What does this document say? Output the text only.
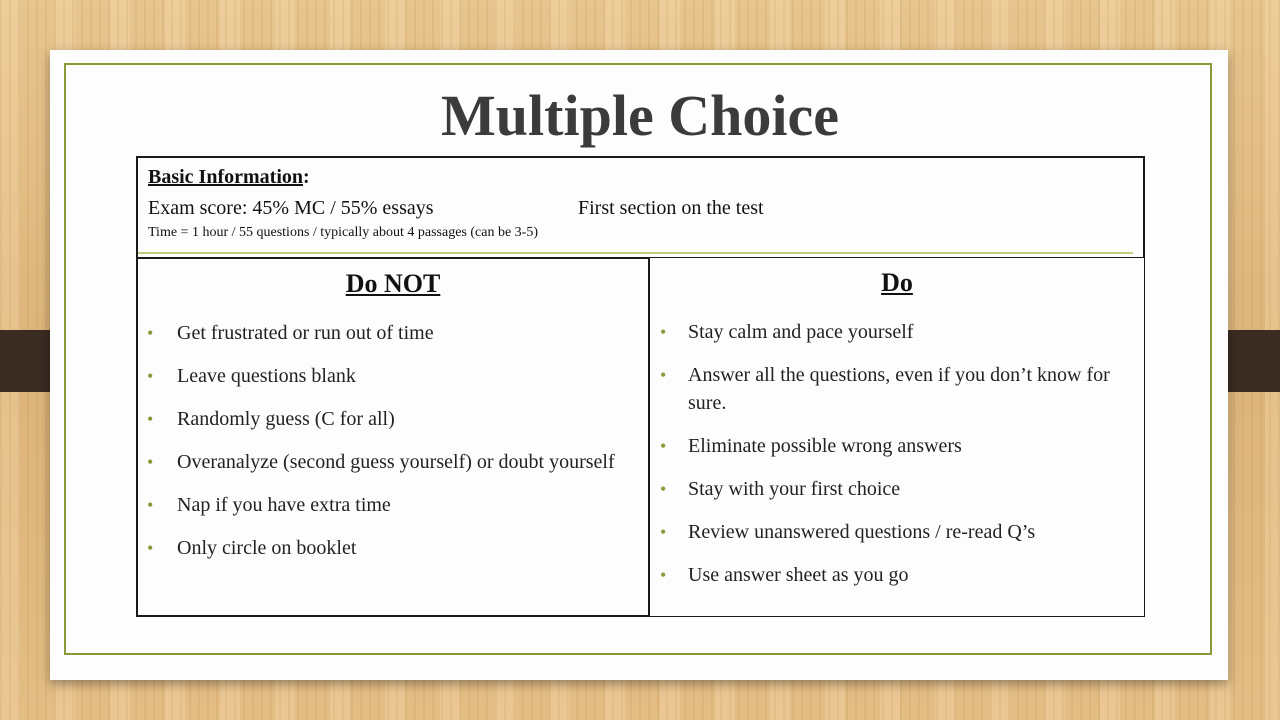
Multiple Choice
Basic Information:
Exam score: 45% MC / 55% essays	First section on the test
Time = 1 hour / 55 questions / typically about 4 passages (can be 3-5)
Do NOT
• Get frustrated or run out of time
• Leave questions blank
• Randomly guess (C for all)
• Overanalyze (second guess yourself) or doubt yourself
• Nap if you have extra time
• Only circle on booklet
Do
• Stay calm and pace yourself
• Answer all the questions, even if you don’t know for sure.
• Eliminate possible wrong answers
• Stay with your first choice
• Review unanswered questions / re-read Q’s
• Use answer sheet as you go
